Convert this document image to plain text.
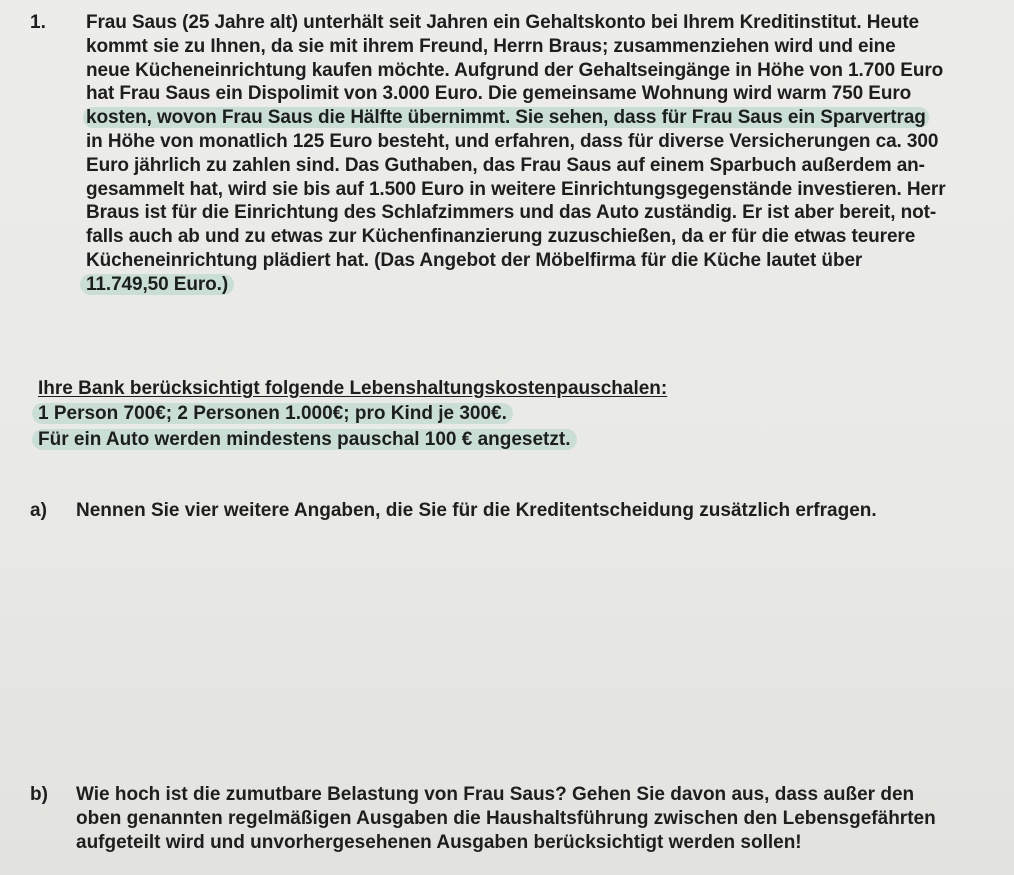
1. Frau Saus (25 Jahre alt) unterhält seit Jahren ein Gehaltskonto bei Ihrem Kreditinstitut. Heute
kommt sie zu Ihnen, da sie mit ihrem Freund, Herrn Braus; zusammenziehen wird und eine
neue Kücheneinrichtung kaufen möchte. Aufgrund der Gehaltseingänge in Höhe von 1.700 Euro
hat Frau Saus ein Dispolimit von 3.000 Euro. Die gemeinsame Wohnung wird warm 750 Euro
kosten, wovon Frau Saus die Hälfte übernimmt. Sie sehen, dass für Frau Saus ein Sparvertrag
in Höhe von monatlich 125 Euro besteht, und erfahren, dass für diverse Versicherungen ca. 300
Euro jährlich zu zahlen sind. Das Guthaben, das Frau Saus auf einem Sparbuch außerdem an-
gesammelt hat, wird sie bis auf 1.500 Euro in weitere Einrichtungsgegenstände investieren. Herr
Braus ist für die Einrichtung des Schlafzimmers und das Auto zuständig. Er ist aber bereit, not-
falls auch ab und zu etwas zur Küchenfinanzierung zuzuschießen, da er für die etwas teurere
Kücheneinrichtung plädiert hat. (Das Angebot der Möbelfirma für die Küche lautet über
11.749,50 Euro.)
Ihre Bank berücksichtigt folgende Lebenshaltungskostenpauschalen:
1 Person 700€; 2 Personen 1.000€; pro Kind je 300€.
Für ein Auto werden mindestens pauschal 100 € angesetzt.
a) Nennen Sie vier weitere Angaben, die Sie für die Kreditentscheidung zusätzlich erfragen.
b) Wie hoch ist die zumutbare Belastung von Frau Saus? Gehen Sie davon aus, dass außer den
oben genannten regelmäßigen Ausgaben die Haushaltsführung zwischen den Lebensgefährten
aufgeteilt wird und unvorhergesehenen Ausgaben berücksichtigt werden sollen!
